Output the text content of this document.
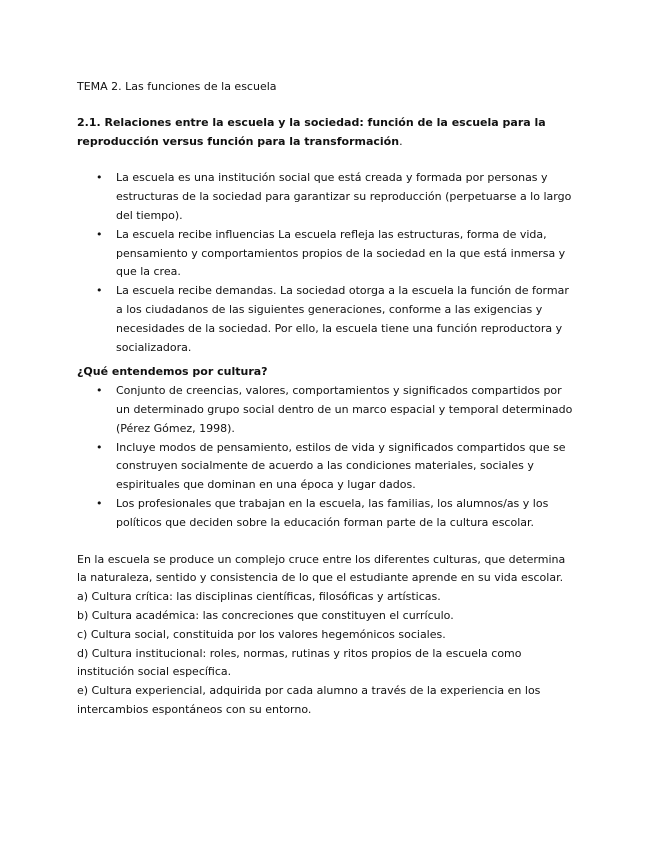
TEMA 2. Las funciones de la escuela

2.1. Relaciones entre la escuela y la sociedad: función de la escuela para la reproducción versus función para la transformación.

• La escuela es una institución social que está creada y formada por personas y estructuras de la sociedad para garantizar su reproducción (perpetuarse a lo largo del tiempo).
• La escuela recibe influencias La escuela refleja las estructuras, forma de vida, pensamiento y comportamientos propios de la sociedad en la que está inmersa y que la crea.
• La escuela recibe demandas. La sociedad otorga a la escuela la función de formar a los ciudadanos de las siguientes generaciones, conforme a las exigencias y necesidades de la sociedad. Por ello, la escuela tiene una función reproductora y socializadora.

¿Qué entendemos por cultura?

• Conjunto de creencias, valores, comportamientos y significados compartidos por un determinado grupo social dentro de un marco espacial y temporal determinado (Pérez Gómez, 1998).
• Incluye modos de pensamiento, estilos de vida y significados compartidos que se construyen socialmente de acuerdo a las condiciones materiales, sociales y espirituales que dominan en una época y lugar dados.
• Los profesionales que trabajan en la escuela, las familias, los alumnos/as y los políticos que deciden sobre la educación forman parte de la cultura escolar.

En la escuela se produce un complejo cruce entre los diferentes culturas, que determina la naturaleza, sentido y consistencia de lo que el estudiante aprende en su vida escolar.

a) Cultura crítica: las disciplinas científicas, filosóficas y artísticas.

b) Cultura académica: las concreciones que constituyen el currículo.

c) Cultura social, constituida por los valores hegemónicos sociales.

d) Cultura institucional: roles, normas, rutinas y ritos propios de la escuela como institución social específica.

e) Cultura experiencial, adquirida por cada alumno a través de la experiencia en los intercambios espontáneos con su entorno.
